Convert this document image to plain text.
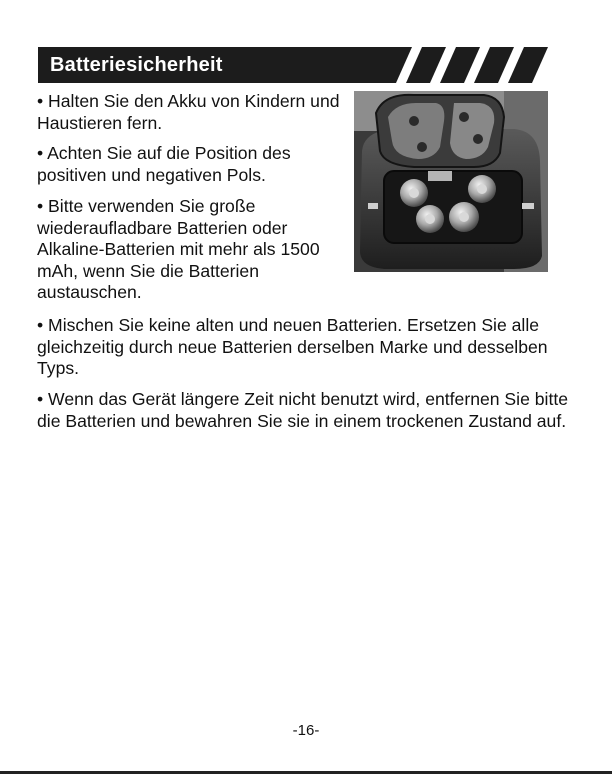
Batteriesicherheit

• Halten Sie den Akku von Kindern und Haustieren fern.

• Achten Sie auf die Position des positiven und negativen Pols.

• Bitte verwenden Sie große wiederaufladbare Batterien oder Alkaline-Batterien mit mehr als 1500 mAh, wenn Sie die Batterien austauschen.

• Mischen Sie keine alten und neuen Batterien. Ersetzen Sie alle gleichzeitig durch neue Batterien derselben Marke und desselben Typs.

• Wenn das Gerät längere Zeit nicht benutzt wird, entfernen Sie bitte die Batterien und bewahren Sie sie in einem trockenen Zustand auf.

-16-
